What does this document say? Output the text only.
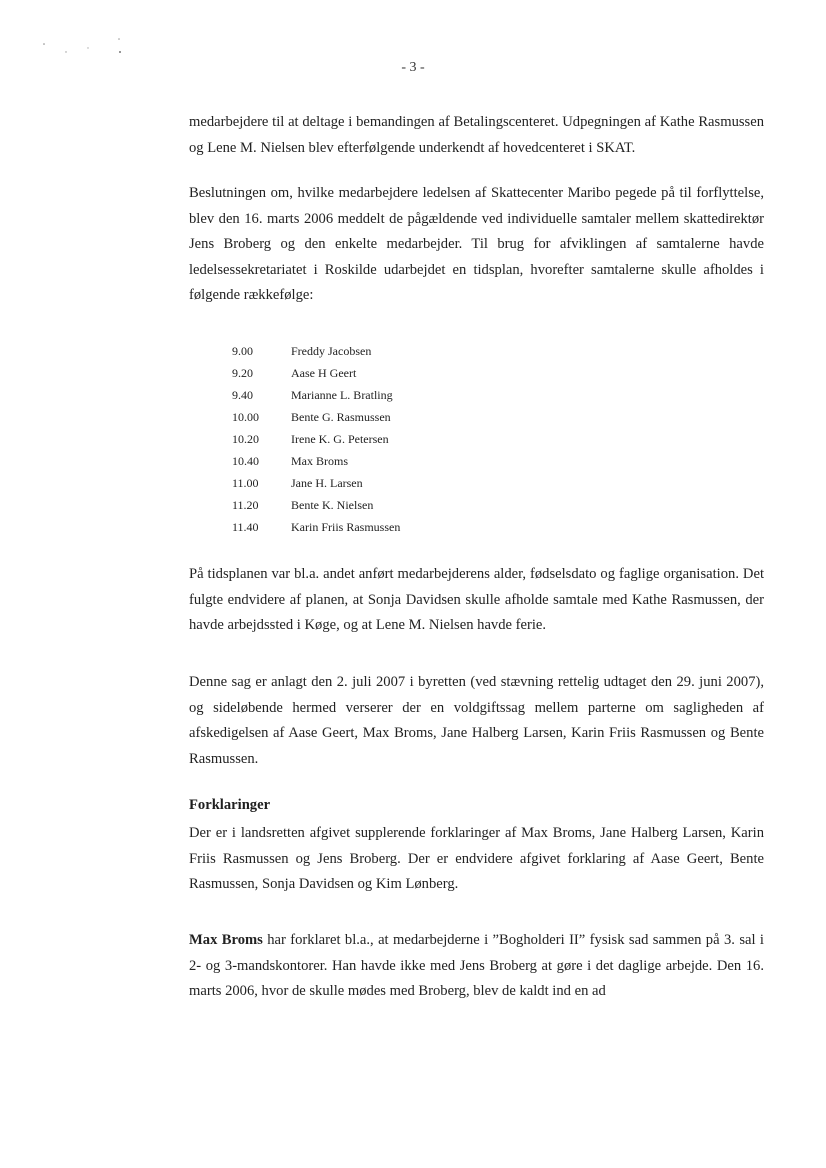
- 3 -

medarbejdere til at deltage i bemandingen af Betalingscenteret. Udpegningen af Kathe Rasmussen og Lene M. Nielsen blev efterfølgende underkendt af hovedcenteret i SKAT.

Beslutningen om, hvilke medarbejdere ledelsen af Skattecenter Maribo pegede på til forflyttelse, blev den 16. marts 2006 meddelt de pågældende ved individuelle samtaler mellem skattedirektør Jens Broberg og den enkelte medarbejder. Til brug for afviklingen af samtalerne havde ledelsessekretariatet i Roskilde udarbejdet en tidsplan, hvorefter samtalerne skulle afholdes i følgende rækkefølge:

9.00	Freddy Jacobsen
9.20	Aase H Geert
9.40	Marianne L. Bratling
10.00	Bente G. Rasmussen
10.20	Irene K. G. Petersen
10.40	Max Broms
11.00	Jane H. Larsen
11.20	Bente K. Nielsen
11.40	Karin Friis Rasmussen

På tidsplanen var bl.a. andet anført medarbejderens alder, fødselsdato og faglige organisation. Det fulgte endvidere af planen, at Sonja Davidsen skulle afholde samtale med Kathe Rasmussen, der havde arbejdssted i Køge, og at Lene M. Nielsen havde ferie.

Denne sag er anlagt den 2. juli 2007 i byretten (ved stævning rettelig udtaget den 29. juni 2007), og sideløbende hermed verserer der en voldgiftssag mellem parterne om sagligheden af afskedigelsen af Aase Geert, Max Broms, Jane Halberg Larsen, Karin Friis Rasmussen og Bente Rasmussen.

Forklaringer

Der er i landsretten afgivet supplerende forklaringer af Max Broms, Jane Halberg Larsen, Karin Friis Rasmussen og Jens Broberg. Der er endvidere afgivet forklaring af Aase Geert, Bente Rasmussen, Sonja Davidsen og Kim Lønberg.

Max Broms har forklaret bl.a., at medarbejderne i ”Bogholderi II” fysisk sad sammen på 3. sal i 2- og 3-mandskontorer. Han havde ikke med Jens Broberg at gøre i det daglige arbejde. Den 16. marts 2006, hvor de skulle mødes med Broberg, blev de kaldt ind en ad
